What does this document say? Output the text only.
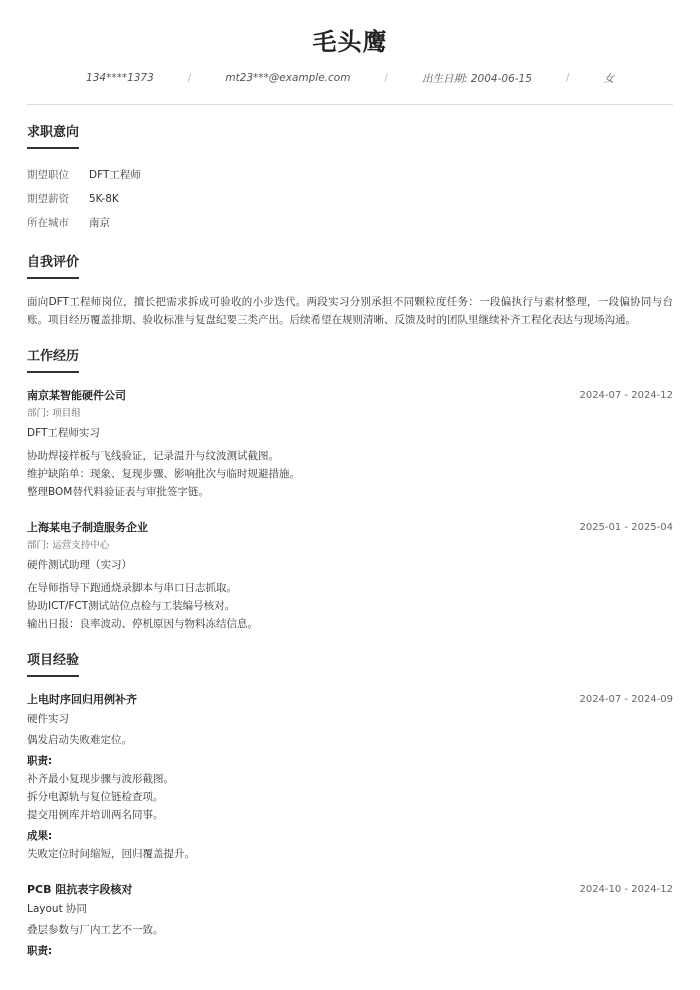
毛头鹰
134****1373	/	mt23***@example.com	/	出生日期: 2004-06-15	/	女
求职意向
期望职位	DFT工程师
期望薪资	5K-8K
所在城市	南京
自我评价
面向DFT工程师岗位，擅长把需求拆成可验收的小步迭代。两段实习分别承担不同颗粒度任务：一段偏执行与素材整理，一段偏协同与台账。项目经历覆盖排期、验收标准与复盘纪要三类产出。后续希望在规则清晰、反馈及时的团队里继续补齐工程化表达与现场沟通。
工作经历
南京某智能硬件公司	2024-07 - 2024-12
部门: 项目组
DFT工程师实习
协助焊接样板与飞线验证，记录温升与纹波测试截图。
维护缺陷单：现象、复现步骤、影响批次与临时规避措施。
整理BOM替代料验证表与审批签字链。
上海某电子制造服务企业	2025-01 - 2025-04
部门: 运营支持中心
硬件测试助理（实习）
在导师指导下跑通烧录脚本与串口日志抓取。
协助ICT/FCT测试站位点检与工装编号核对。
输出日报：良率波动、停机原因与物料冻结信息。
项目经验
上电时序回归用例补齐	2024-07 - 2024-09
硬件实习
偶发启动失败难定位。
职责:
补齐最小复现步骤与波形截图。
拆分电源轨与复位链检查项。
提交用例库并培训两名同事。
成果:
失败定位时间缩短，回归覆盖提升。
PCB 阻抗表字段核对	2024-10 - 2024-12
Layout 协同
叠层参数与厂内工艺不一致。
职责:
